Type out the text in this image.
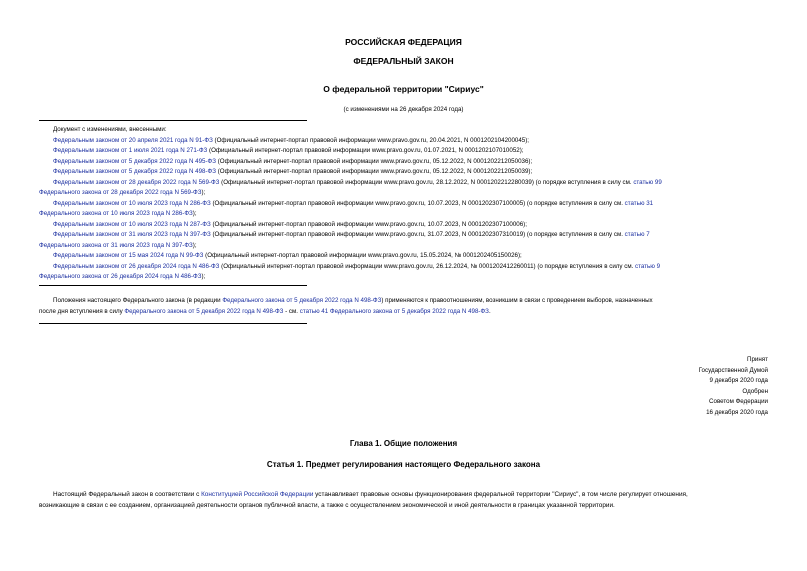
РОССИЙСКАЯ ФЕДЕРАЦИЯ
ФЕДЕРАЛЬНЫЙ ЗАКОН
О федеральной территории "Сириус"
(с изменениями на 26 декабря 2024 года)
Документ с изменениями, внесенными:
Федеральным законом от 20 апреля 2021 года N 91-ФЗ (Официальный интернет-портал правовой информации www.pravo.gov.ru, 20.04.2021, N 0001202104200045);
Федеральным законом от 1 июля 2021 года N 271-ФЗ (Официальный интернет-портал правовой информации www.pravo.gov.ru, 01.07.2021, N 0001202107010052);
Федеральным законом от 5 декабря 2022 года N 495-ФЗ (Официальный интернет-портал правовой информации www.pravo.gov.ru, 05.12.2022, N 0001202212050036);
Федеральным законом от 5 декабря 2022 года N 498-ФЗ (Официальный интернет-портал правовой информации www.pravo.gov.ru, 05.12.2022, N 0001202212050039);
Федеральным законом от 28 декабря 2022 года N 569-ФЗ (Официальный интернет-портал правовой информации www.pravo.gov.ru, 28.12.2022, N 0001202212280039) (о порядке вступления в силу см. статью 99
Федерального закона от 28 декабря 2022 года N 569-ФЗ);
Федеральным законом от 10 июля 2023 года N 286-ФЗ (Официальный интернет-портал правовой информации www.pravo.gov.ru, 10.07.2023, N 0001202307100005) (о порядке вступления в силу см. статью 31
Федерального закона от 10 июля 2023 года N 286-ФЗ);
Федеральным законом от 10 июля 2023 года N 287-ФЗ (Официальный интернет-портал правовой информации www.pravo.gov.ru, 10.07.2023, N 0001202307100006);
Федеральным законом от 31 июля 2023 года N 397-ФЗ (Официальный интернет-портал правовой информации www.pravo.gov.ru, 31.07.2023, N 0001202307310019) (о порядке вступления в силу см. статью 7
Федерального закона от 31 июля 2023 года N 397-ФЗ);
Федеральным законом от 15 мая 2024 года N 99-ФЗ (Официальный интернет-портал правовой информации www.pravo.gov.ru, 15.05.2024, № 0001202405150026);
Федеральным законом от 26 декабря 2024 года N 486-ФЗ (Официальный интернет-портал правовой информации www.pravo.gov.ru, 26.12.2024, № 0001202412260011) (о порядке вступления в силу см. статью 9
Федерального закона от 26 декабря 2024 года N 486-ФЗ);
Положения настоящего Федерального закона (в редакции Федерального закона от 5 декабря 2022 года N 498-ФЗ) применяются к правоотношениям, возникшим в связи с проведением выборов, назначенных
после дня вступления в силу Федерального закона от 5 декабря 2022 года N 498-ФЗ - см. статью 41 Федерального закона от 5 декабря 2022 года N 498-ФЗ.
Принят
Государственной Думой
9 декабря 2020 года
Одобрен
Советом Федерации
16 декабря 2020 года
Глава 1. Общие положения
Статья 1. Предмет регулирования настоящего Федерального закона
Настоящий Федеральный закон в соответствии с Конституцией Российской Федерации устанавливает правовые основы функционирования федеральной территории "Сириус", в том числе регулирует отношения,
возникающие в связи с ее созданием, организацией деятельности органов публичной власти, а также с осуществлением экономической и иной деятельности в границах указанной территории.
